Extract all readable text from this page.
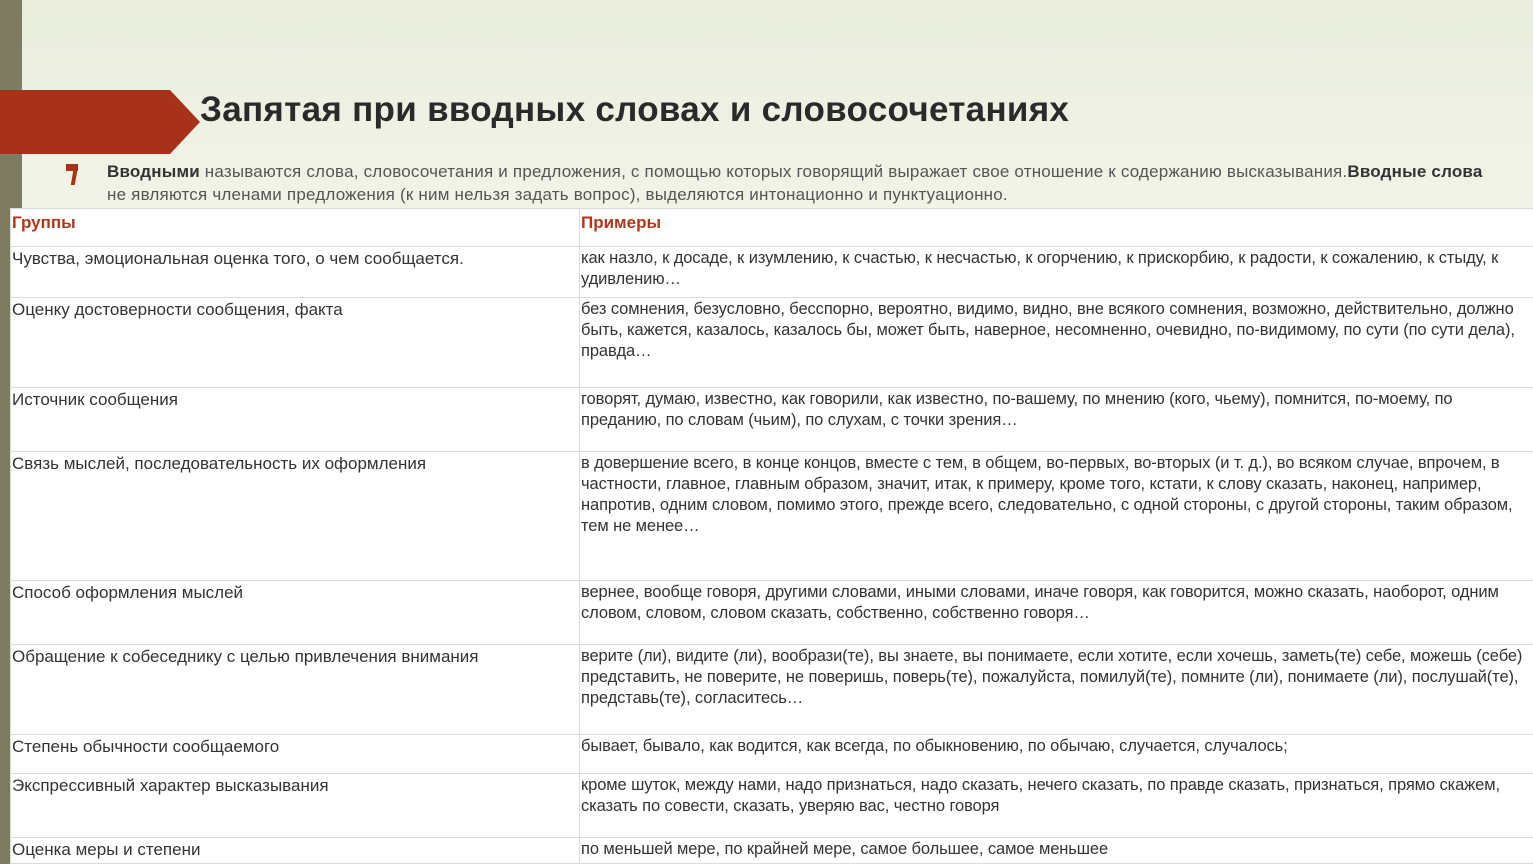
Запятая при вводных словах и словосочетаниях
Вводными называются слова, словосочетания и предложения, с помощью которых говорящий выражает свое отношение к содержанию высказывания.Вводные слова не являются членами предложения (к ним нельзя задать вопрос), выделяются интонационно и пунктуационно.
Группы	Примеры
Чувства, эмоциональная оценка того, о чем сообщается.	как назло, к досаде, к изумлению, к счастью, к несчастью, к огорчению, к прискорбию, к радости, к сожалению, к стыду, к удивлению…
Оценку достоверности сообщения, факта	без сомнения, безусловно, бесспорно, вероятно, видимо, видно, вне всякого сомнения, возможно, действительно, должно быть, кажется, казалось, казалось бы, может быть, наверное, несомненно, очевидно, по-видимому, по сути (по сути дела), правда…
Источник сообщения	говорят, думаю, известно, как говорили, как известно, по-вашему, по мнению (кого, чьему), помнится, по-моему, по преданию, по словам (чьим), по слухам, с точки зрения…
Связь мыслей, последовательность их оформления	в довершение всего, в конце концов, вместе с тем, в общем, во-первых, во-вторых (и т. д.), во всяком случае, впрочем, в частности, главное, главным образом, значит, итак, к примеру, кроме того, кстати, к слову сказать, наконец, например, напротив, одним словом, помимо этого, прежде всего, следовательно, с одной стороны, с другой стороны, таким образом, тем не менее…
Способ оформления мыслей	вернее, вообще говоря, другими словами, иными словами, иначе говоря, как говорится, можно сказать, наоборот, одним словом, словом, словом сказать, собственно, собственно говоря…
Обращение к собеседнику с целью привлечения внимания	верите (ли), видите (ли), вообрази(те), вы знаете, вы понимаете, если хотите, если хочешь, заметь(те) себе, можешь (себе) представить, не поверите, не поверишь, поверь(те), пожалуйста, помилуй(те), помните (ли), понимаете (ли), послушай(те), представь(те), согласитесь…
Степень обычности сообщаемого	бывает, бывало, как водится, как всегда, по обыкновению, по обычаю, случается, случалось;
Экспрессивный характер высказывания	кроме шуток, между нами, надо признаться, надо сказать, нечего сказать, по правде сказать, признаться, прямо скажем, сказать по совести, сказать, уверяю вас, честно говоря
Оценка меры и степени	по меньшей мере, по крайней мере, самое большее, самое меньшее
